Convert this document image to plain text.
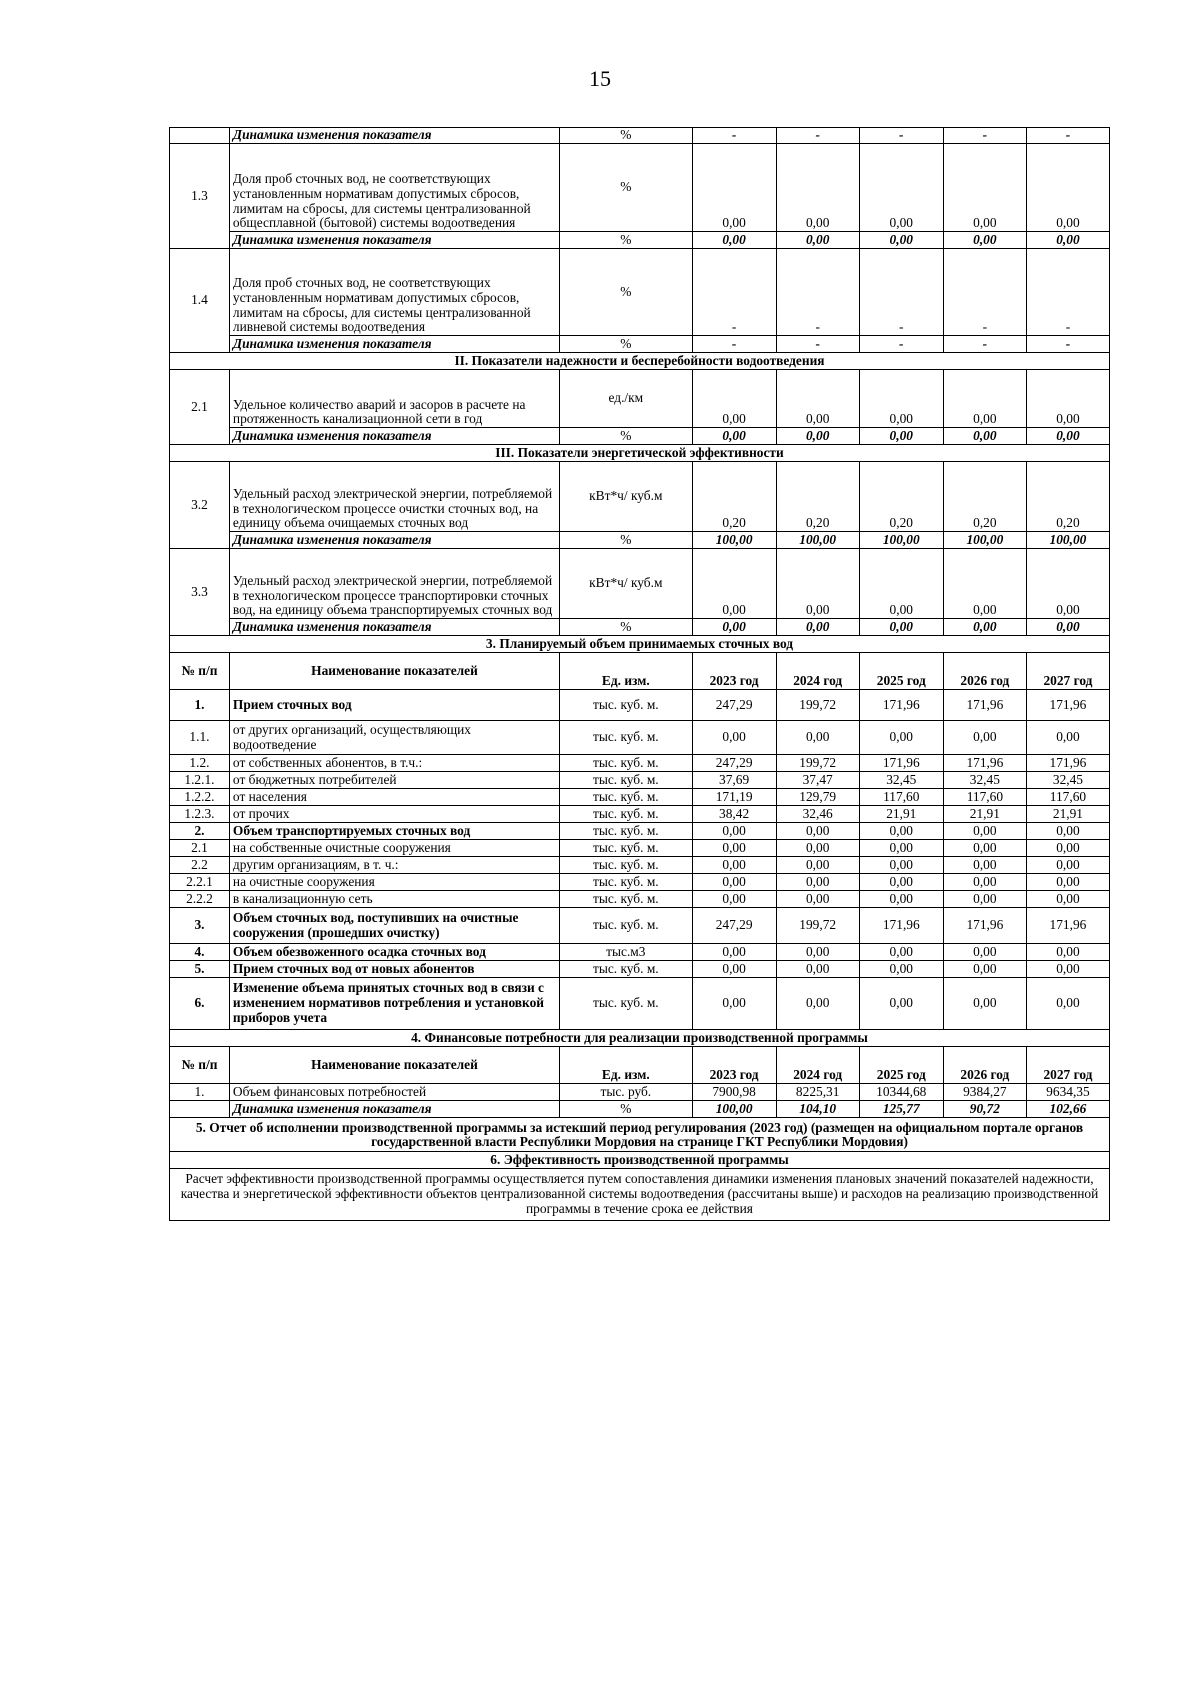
15
	Динамика изменения показателя	%	-	-	-	-	-
1.3	Доля проб сточных вод, не соответствующих установленным нормативам допустимых сбросов, лимитам на сбросы, для системы централизованной общесплавной (бытовой) системы водоотведения	%	0,00	0,00	0,00	0,00	0,00
	Динамика изменения показателя	%	0,00	0,00	0,00	0,00	0,00
1.4	Доля проб сточных вод, не соответствующих установленным нормативам допустимых сбросов, лимитам на сбросы, для системы централизованной ливневой системы водоотведения	%	-	-	-	-	-
	Динамика изменения показателя	%	-	-	-	-	-
II. Показатели надежности и бесперебойности водоотведения							
2.1	Удельное количество аварий и засоров в расчете на протяженность канализационной сети в год	ед./км	0,00	0,00	0,00	0,00	0,00
	Динамика изменения показателя	%	0,00	0,00	0,00	0,00	0,00
III. Показатели энергетической эффективности							
3.2	Удельный расход электрической энергии, потребляемой в технологическом процессе очистки сточных вод, на единицу объема очищаемых сточных вод	кВт*ч/ куб.м	0,20	0,20	0,20	0,20	0,20
	Динамика изменения показателя	%	100,00	100,00	100,00	100,00	100,00
3.3	Удельный расход электрической энергии, потребляемой в технологическом процессе транспортировки сточных вод, на единицу объема транспортируемых сточных вод	кВт*ч/ куб.м	0,00	0,00	0,00	0,00	0,00
	Динамика изменения показателя	%	0,00	0,00	0,00	0,00	0,00
3. Планируемый объем принимаемых сточных вод							
№ п/п	Наименование показателей	Ед. изм.	2023 год	2024 год	2025 год	2026 год	2027 год
1.	Прием сточных вод	тыс. куб. м.	247,29	199,72	171,96	171,96	171,96
1.1.	от других организаций, осуществляющих водоотведение	тыс. куб. м.	0,00	0,00	0,00	0,00	0,00
1.2.	от собственных абонентов, в т.ч.:	тыс. куб. м.	247,29	199,72	171,96	171,96	171,96
1.2.1.	от бюджетных потребителей	тыс. куб. м.	37,69	37,47	32,45	32,45	32,45
1.2.2.	от населения	тыс. куб. м.	171,19	129,79	117,60	117,60	117,60
1.2.3.	от прочих	тыс. куб. м.	38,42	32,46	21,91	21,91	21,91
2.	Объем транспортируемых сточных вод	тыс. куб. м.	0,00	0,00	0,00	0,00	0,00
2.1	на собственные очистные сооружения	тыс. куб. м.	0,00	0,00	0,00	0,00	0,00
2.2	другим организациям, в т. ч.:	тыс. куб. м.	0,00	0,00	0,00	0,00	0,00
2.2.1	на очистные сооружения	тыс. куб. м.	0,00	0,00	0,00	0,00	0,00
2.2.2	в канализационную сеть	тыс. куб. м.	0,00	0,00	0,00	0,00	0,00
3.	Объем сточных вод, поступивших на очистные сооружения (прошедших очистку)	тыс. куб. м.	247,29	199,72	171,96	171,96	171,96
4.	Объем обезвоженного осадка сточных вод	тыс.м3	0,00	0,00	0,00	0,00	0,00
5.	Прием сточных вод от новых абонентов	тыс. куб. м.	0,00	0,00	0,00	0,00	0,00
6.	Изменение объема принятых сточных вод в связи с изменением нормативов потребления и установкой приборов учета	тыс. куб. м.	0,00	0,00	0,00	0,00	0,00
4. Финансовые потребности для реализации производственной программы							
№ п/п	Наименование показателей	Ед. изм.	2023 год	2024 год	2025 год	2026 год	2027 год
1.	Объем финансовых потребностей	тыс. руб.	7900,98	8225,31	10344,68	9384,27	9634,35
	Динамика изменения показателя	%	100,00	104,10	125,77	90,72	102,66
5. Отчет об исполнении производственной программы за истекший период регулирования (2023 год) (размещен на официальном портале органов государственной власти Республики Мордовия на странице ГКТ Республики Мордовия)							
6. Эффективность производственной программы							
Расчет эффективности производственной программы осуществляется путем сопоставления динамики изменения плановых значений показателей надежности, качества и энергетической эффективности объектов централизованной системы водоотведения (рассчитаны выше) и расходов на реализацию производственной программы в течение срока ее действия							
